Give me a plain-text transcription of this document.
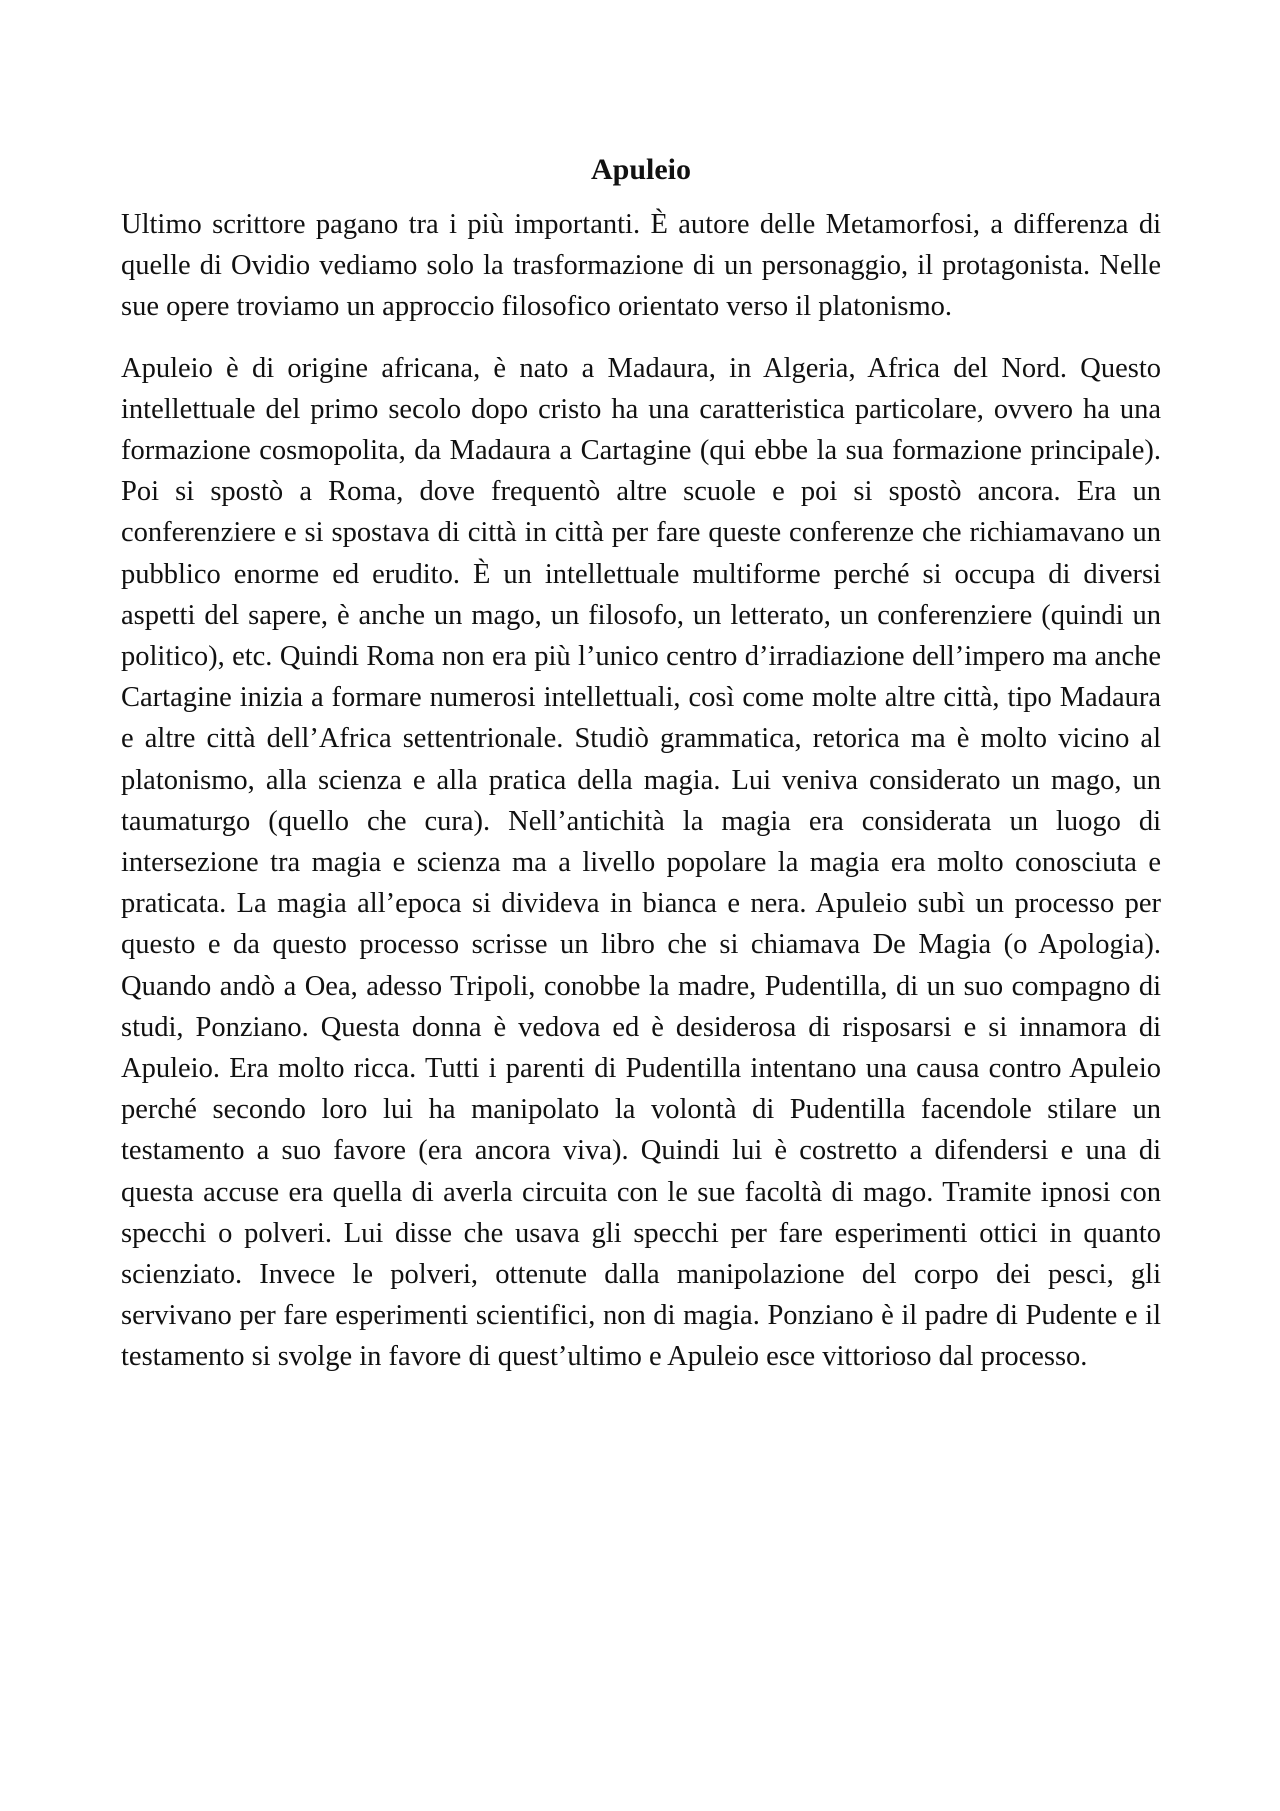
Apuleio

Ultimo scrittore pagano tra i più importanti. È autore delle Metamorfosi, a differenza di quelle di Ovidio vediamo solo la trasformazione di un personaggio, il protagonista. Nelle sue opere troviamo un approccio filosofico orientato verso il platonismo.

Apuleio è di origine africana, è nato a Madaura, in Algeria, Africa del Nord. Questo intellettuale del primo secolo dopo cristo ha una caratteristica particolare, ovvero ha una formazione cosmopolita, da Madaura a Cartagine (qui ebbe la sua formazione principale). Poi si spostò a Roma, dove frequentò altre scuole e poi si spostò ancora. Era un conferenziere e si spostava di città in città per fare queste conferenze che richiamavano un pubblico enorme ed erudito. È un intellettuale multiforme perché si occupa di diversi aspetti del sapere, è anche un mago, un filosofo, un letterato, un conferenziere (quindi un politico), etc. Quindi Roma non era più l’unico centro d’irradiazione dell’impero ma anche Cartagine inizia a formare numerosi intellettuali, così come molte altre città, tipo Madaura e altre città dell’Africa settentrionale. Studiò grammatica, retorica ma è molto vicino al platonismo, alla scienza e alla pratica della magia. Lui veniva considerato un mago, un taumaturgo (quello che cura). Nell’antichità la magia era considerata un luogo di intersezione tra magia e scienza ma a livello popolare la magia era molto conosciuta e praticata. La magia all’epoca si divideva in bianca e nera. Apuleio subì un processo per questo e da questo processo scrisse un libro che si chiamava De Magia (o Apologia). Quando andò a Oea, adesso Tripoli, conobbe la madre, Pudentilla, di un suo compagno di studi, Ponziano. Questa donna è vedova ed è desiderosa di risposarsi e si innamora di Apuleio. Era molto ricca. Tutti i parenti di Pudentilla intentano una causa contro Apuleio perché secondo loro lui ha manipolato la volontà di Pudentilla facendole stilare un testamento a suo favore (era ancora viva). Quindi lui è costretto a difendersi e una di questa accuse era quella di averla circuita con le sue facoltà di mago. Tramite ipnosi con specchi o polveri. Lui disse che usava gli specchi per fare esperimenti ottici in quanto scienziato. Invece le polveri, ottenute dalla manipolazione del corpo dei pesci, gli servivano per fare esperimenti scientifici, non di magia. Ponziano è il padre di Pudente e il testamento si svolge in favore di quest’ultimo e Apuleio esce vittorioso dal processo.
